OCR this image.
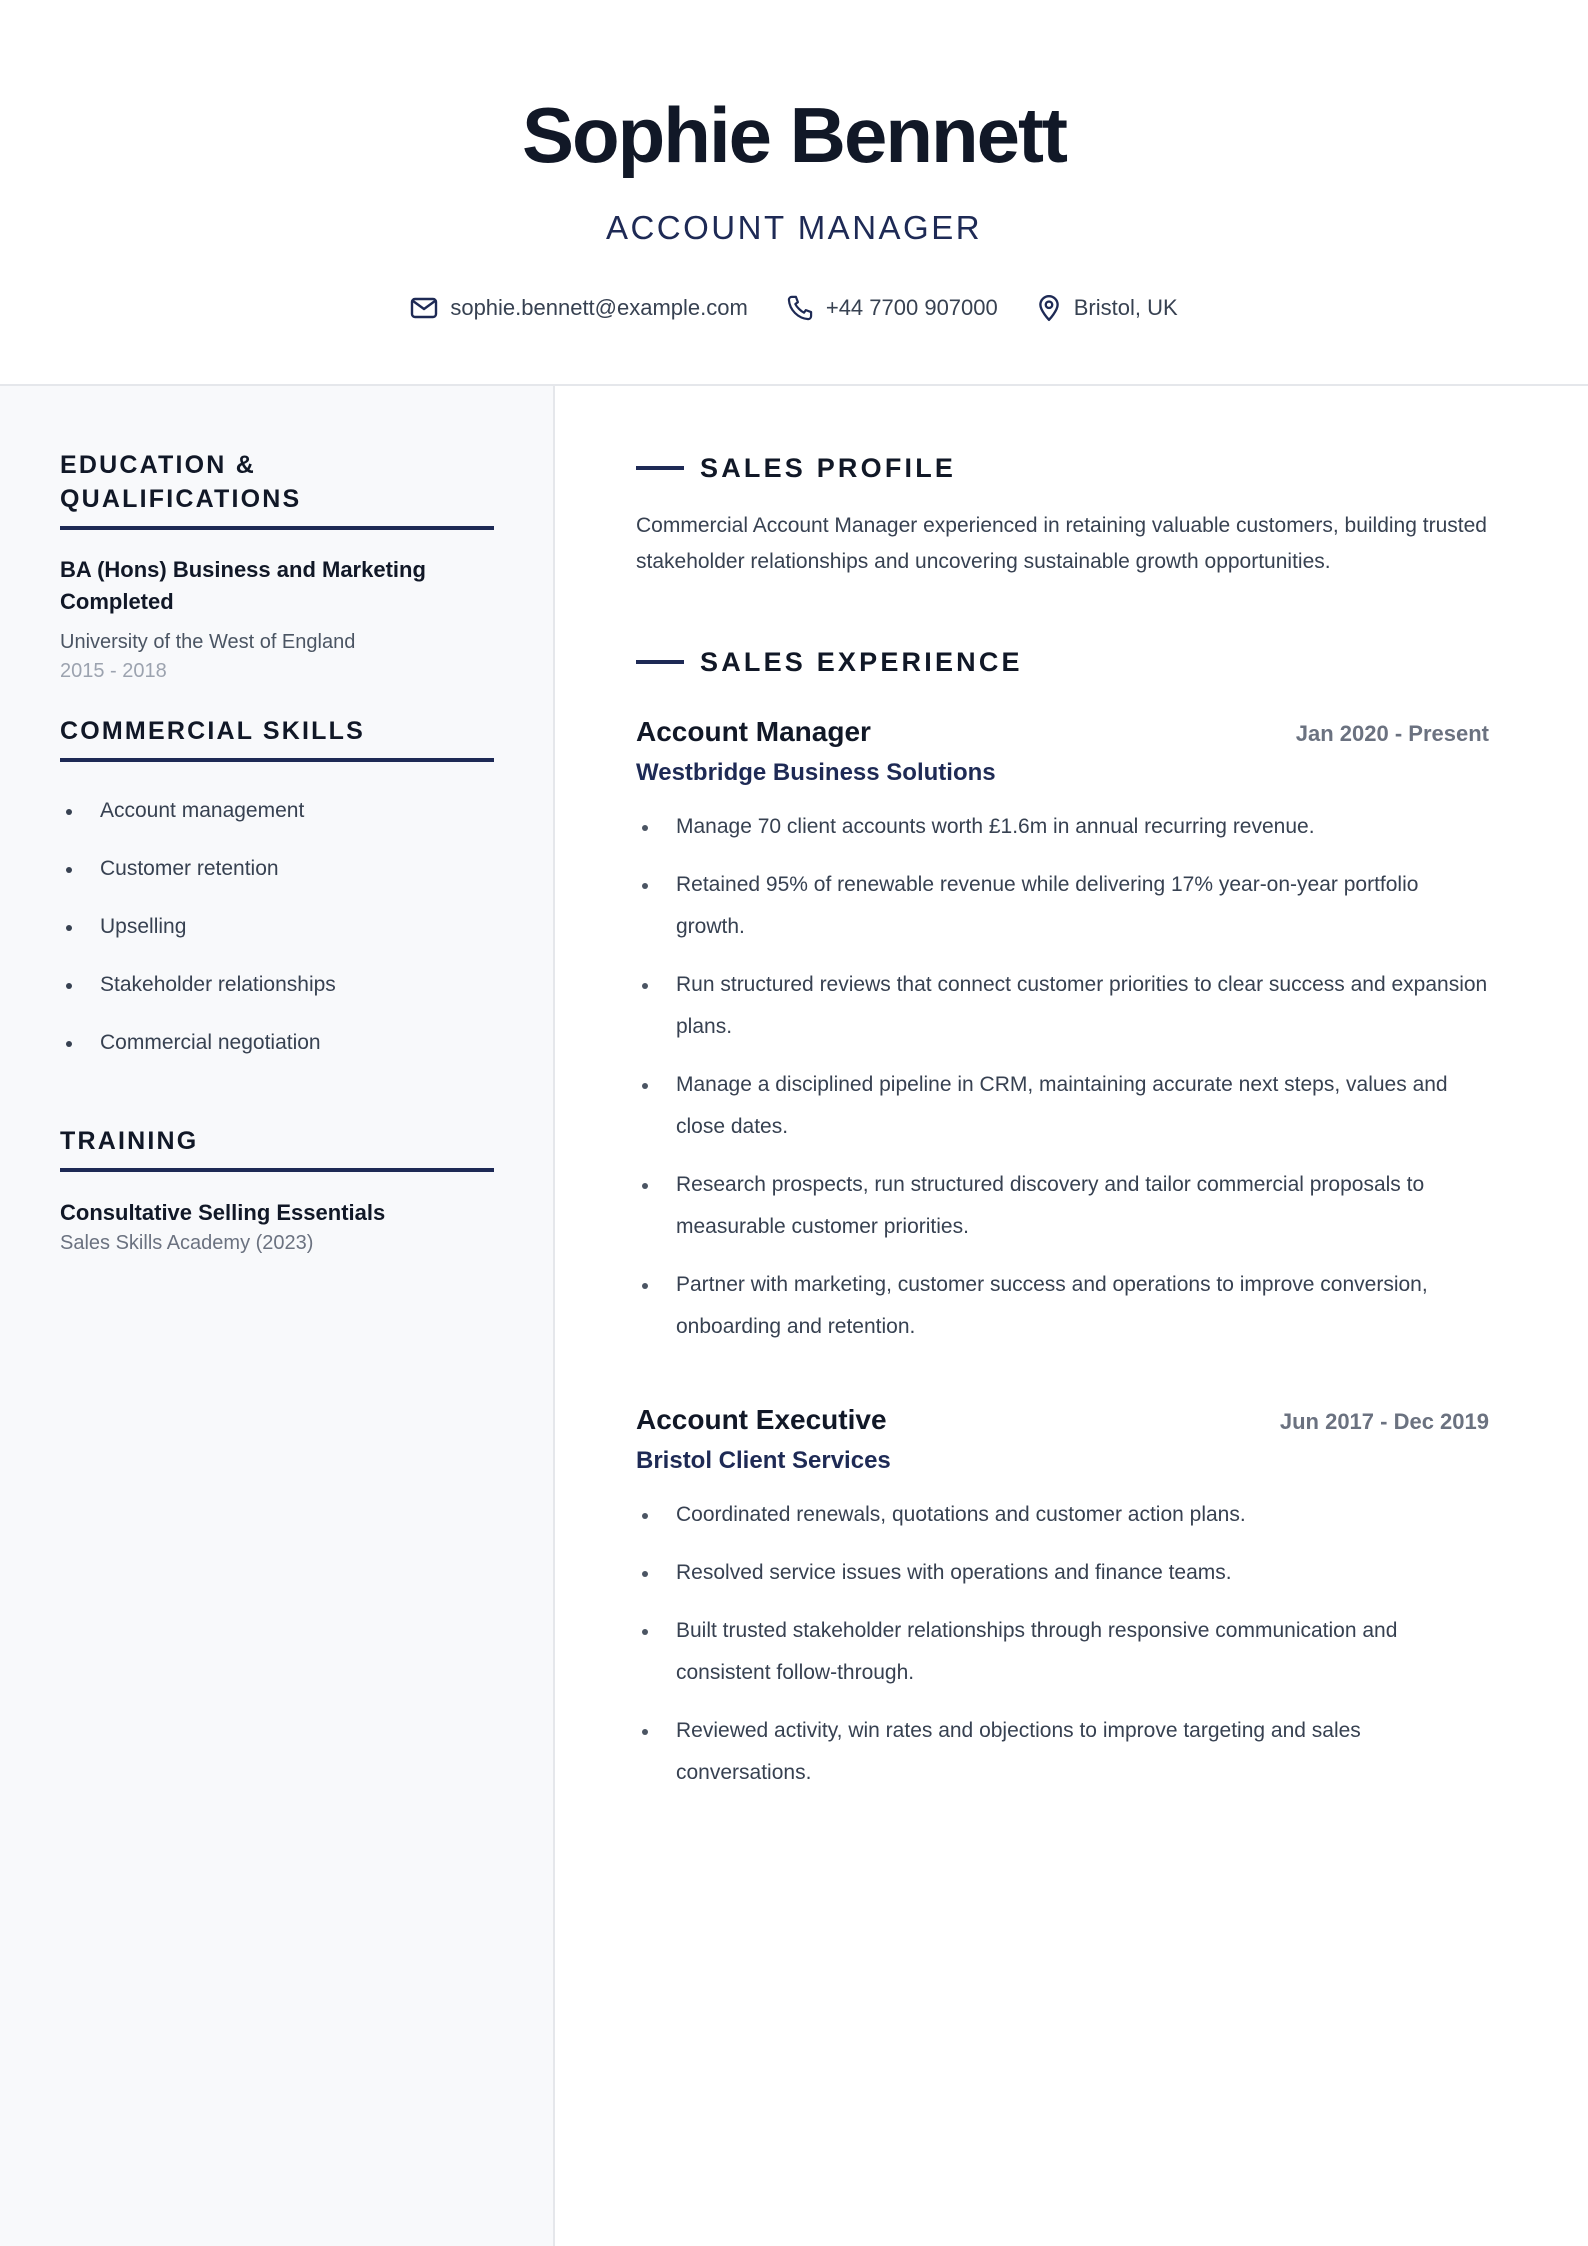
Sophie Bennett
ACCOUNT MANAGER
sophie.bennett@example.com	+44 7700 907000	Bristol, UK
EDUCATION & QUALIFICATIONS
BA (Hons) Business and Marketing
Completed
University of the West of England
2015 - 2018
COMMERCIAL SKILLS
Account management
Customer retention
Upselling
Stakeholder relationships
Commercial negotiation
TRAINING
Consultative Selling Essentials
Sales Skills Academy (2023)
SALES PROFILE

Commercial Account Manager experienced in retaining valuable customers, building trusted stakeholder relationships and uncovering sustainable growth opportunities.

SALES EXPERIENCE
Account Manager	Jan 2020 - Present
Westbridge Business Solutions
Manage 70 client accounts worth £1.6m in annual recurring revenue.
Retained 95% of renewable revenue while delivering 17% year-on-year portfolio growth.
Run structured reviews that connect customer priorities to clear success and expansion plans.
Manage a disciplined pipeline in CRM, maintaining accurate next steps, values and close dates.
Research prospects, run structured discovery and tailor commercial proposals to measurable customer priorities.
Partner with marketing, customer success and operations to improve conversion, onboarding and retention.
Account Executive	Jun 2017 - Dec 2019
Bristol Client Services
Coordinated renewals, quotations and customer action plans.
Resolved service issues with operations and finance teams.
Built trusted stakeholder relationships through responsive communication and consistent follow-through.
Reviewed activity, win rates and objections to improve targeting and sales conversations.
